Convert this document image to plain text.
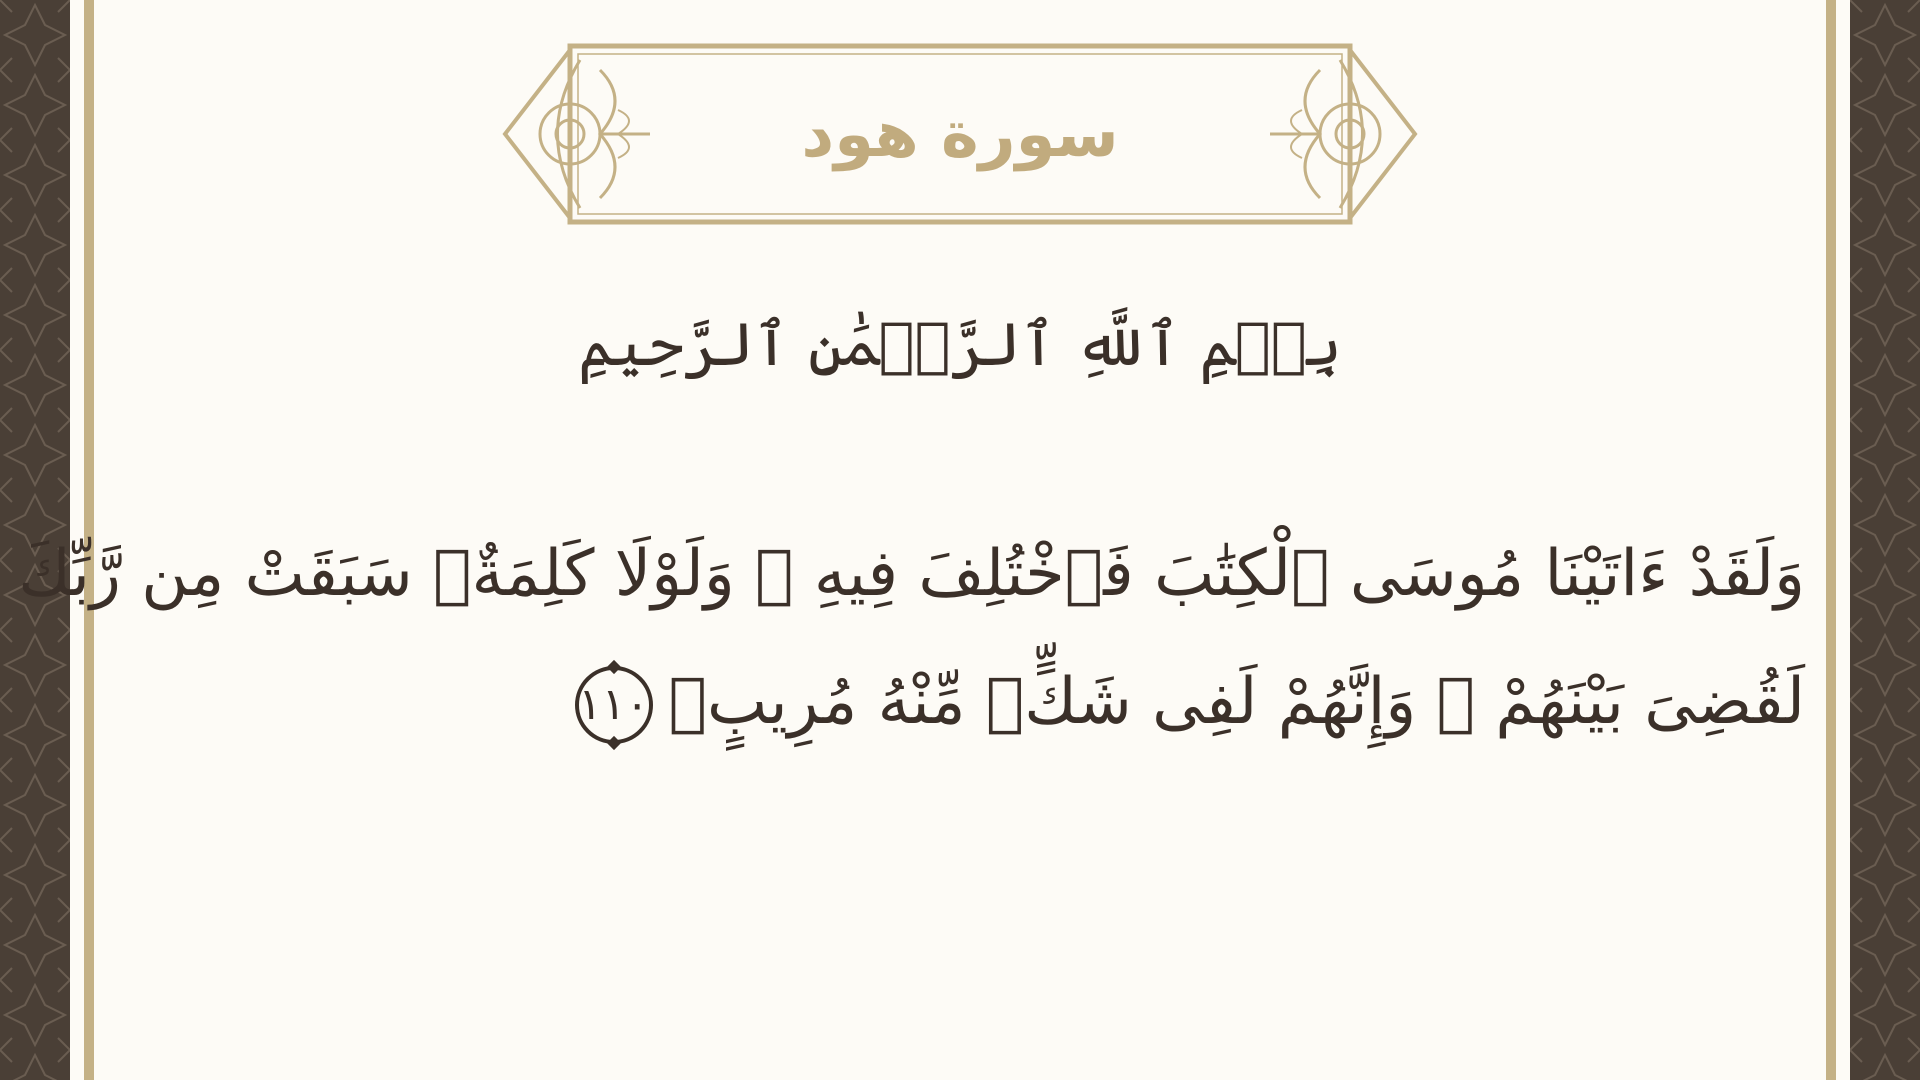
سورة هود
بِسۡمِ ٱللَّهِ ٱلرَّحۡمَٰنِ ٱلرَّحِيمِ
وَلَقَدْ ءَاتَيْنَا مُوسَى ٱلْكِتَٰبَ فَٱخْتُلِفَ فِيهِ ۚ وَلَوْلَا كَلِمَةٌۭ سَبَقَتْ مِن رَّبِّكَ
لَقُضِىَ بَيْنَهُمْ ۚ وَإِنَّهُمْ لَفِى شَكٍّۢ مِّنْهُ مُرِيبٍۢ١١٠
